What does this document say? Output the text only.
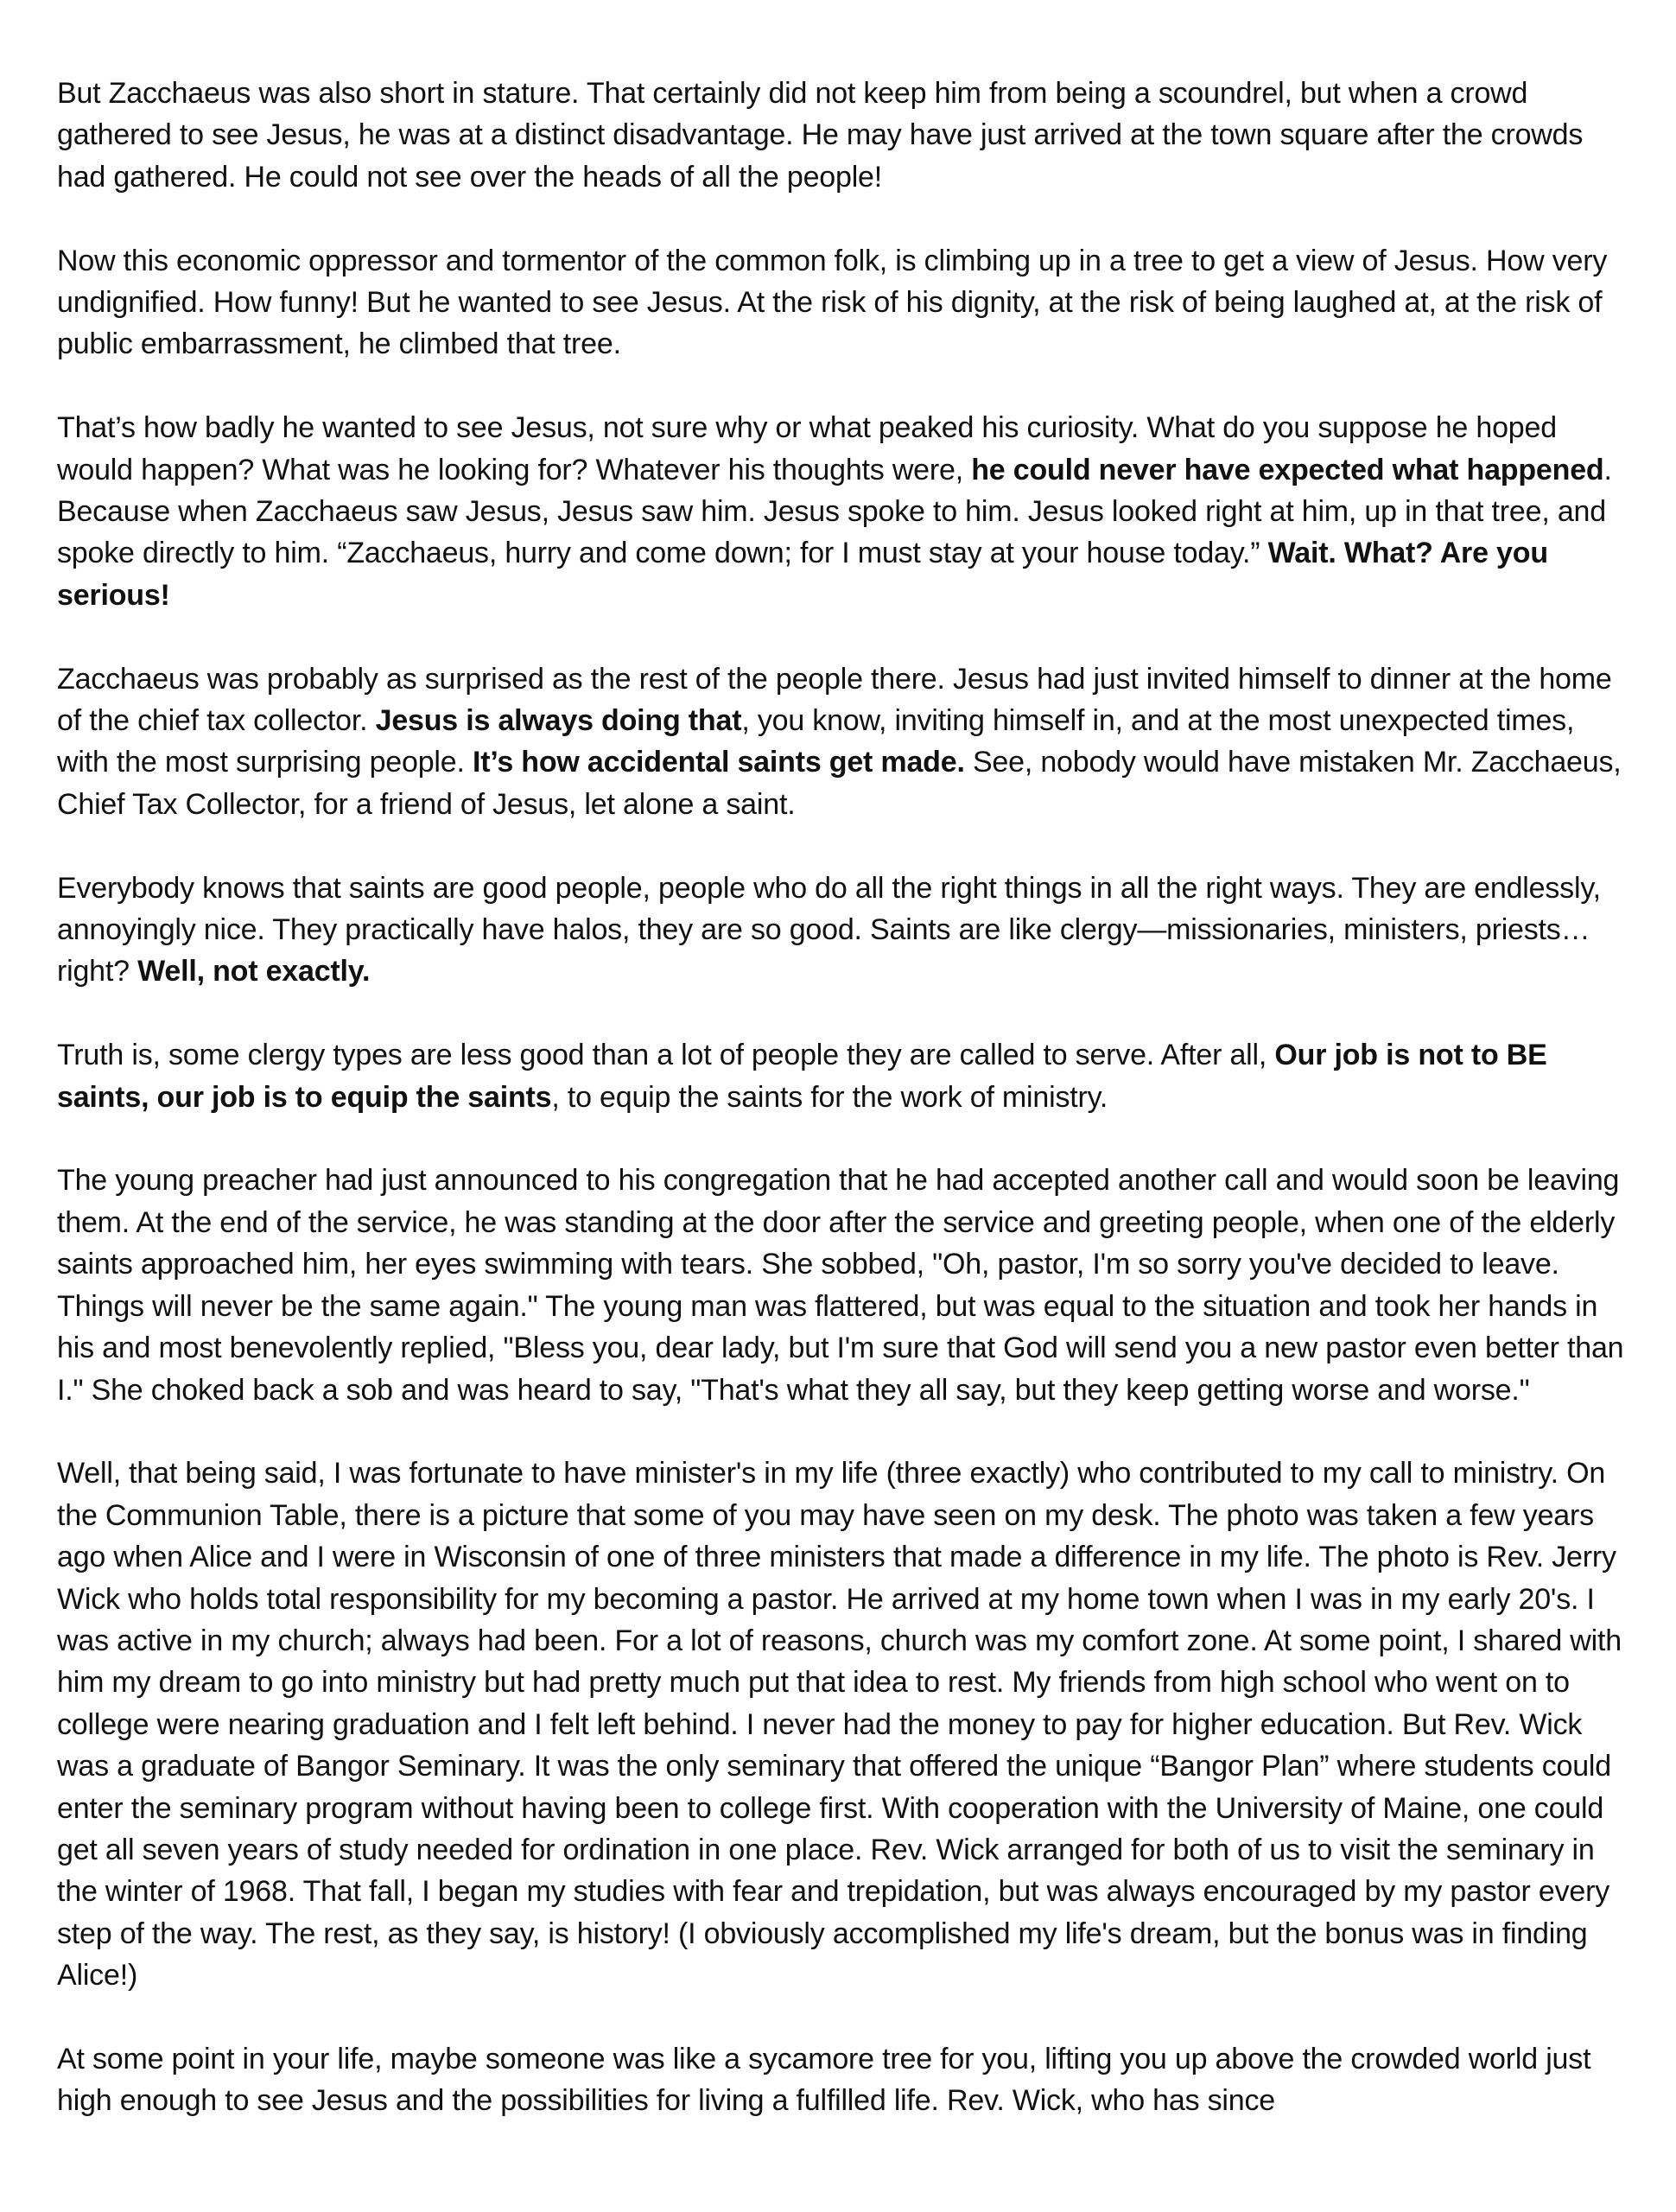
But Zacchaeus was also short in stature. That certainly did not keep him from being a scoundrel, but when a crowd gathered to see Jesus, he was at a distinct disadvantage. He may have just arrived at the town square after the crowds had gathered. He could not see over the heads of all the people!

Now this economic oppressor and tormentor of the common folk, is climbing up in a tree to get a view of Jesus. How very undignified. How funny! But he wanted to see Jesus. At the risk of his dignity, at the risk of being laughed at, at the risk of public embarrassment, he climbed that tree.

That’s how badly he wanted to see Jesus, not sure why or what peaked his curiosity. What do you suppose he hoped would happen? What was he looking for? Whatever his thoughts were, he could never have expected what happened. Because when Zacchaeus saw Jesus, Jesus saw him. Jesus spoke to him. Jesus looked right at him, up in that tree, and spoke directly to him. “Zacchaeus, hurry and come down; for I must stay at your house today.” Wait. What? Are you serious!

Zacchaeus was probably as surprised as the rest of the people there. Jesus had just invited himself to dinner at the home of the chief tax collector. Jesus is always doing that, you know, inviting himself in, and at the most unexpected times, with the most surprising people. It’s how accidental saints get made. See, nobody would have mistaken Mr. Zacchaeus, Chief Tax Collector, for a friend of Jesus, let alone a saint.

Everybody knows that saints are good people, people who do all the right things in all the right ways. They are endlessly, annoyingly nice. They practically have halos, they are so good. Saints are like clergy—missionaries, ministers, priests… right? Well, not exactly.

Truth is, some clergy types are less good than a lot of people they are called to serve. After all, Our job is not to BE saints, our job is to equip the saints, to equip the saints for the work of ministry.

The young preacher had just announced to his congregation that he had accepted another call and would soon be leaving them. At the end of the service, he was standing at the door after the service and greeting people, when one of the elderly saints approached him, her eyes swimming with tears. She sobbed, "Oh, pastor, I'm so sorry you've decided to leave. Things will never be the same again." The young man was flattered, but was equal to the situation and took her hands in his and most benevolently replied, "Bless you, dear lady, but I'm sure that God will send you a new pastor even better than I." She choked back a sob and was heard to say, "That's what they all say, but they keep getting worse and worse."

Well, that being said, I was fortunate to have minister's in my life (three exactly) who contributed to my call to ministry. On the Communion Table, there is a picture that some of you may have seen on my desk. The photo was taken a few years ago when Alice and I were in Wisconsin of one of three ministers that made a difference in my life. The photo is Rev. Jerry Wick who holds total responsibility for my becoming a pastor. He arrived at my home town when I was in my early 20's. I was active in my church; always had been. For a lot of reasons, church was my comfort zone. At some point, I shared with him my dream to go into ministry but had pretty much put that idea to rest. My friends from high school who went on to college were nearing graduation and I felt left behind. I never had the money to pay for higher education. But Rev. Wick was a graduate of Bangor Seminary. It was the only seminary that offered the unique “Bangor Plan” where students could enter the seminary program without having been to college first. With cooperation with the University of Maine, one could get all seven years of study needed for ordination in one place. Rev. Wick arranged for both of us to visit the seminary in the winter of 1968. That fall, I began my studies with fear and trepidation, but was always encouraged by my pastor every step of the way. The rest, as they say, is history! (I obviously accomplished my life's dream, but the bonus was in finding Alice!)

At some point in your life, maybe someone was like a sycamore tree for you, lifting you up above the crowded world just high enough to see Jesus and the possibilities for living a fulfilled life. Rev. Wick, who has since
